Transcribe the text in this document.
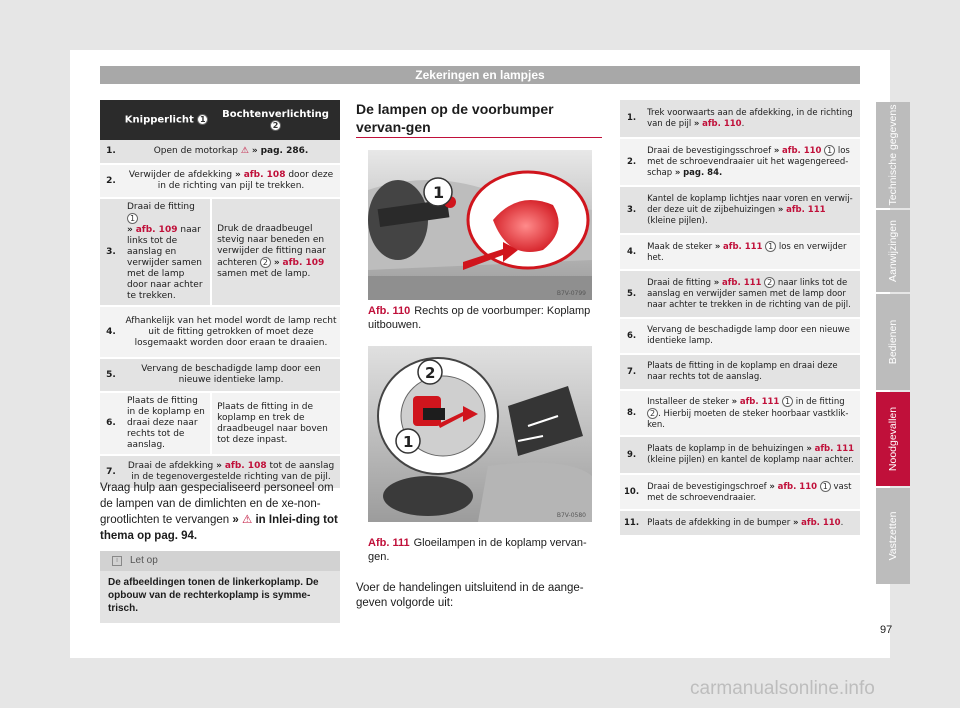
Zekeringen en lampjes
	Knipperlicht 1	Bochtenverlichting
2
1.	Open de motorkap ⚠ » pag. 286.	
2.	Verwijder de afdekking » afb. 108 door deze in de richting van pijl te trekken.	
3.	Draai de fitting 1
» afb. 109 naar links tot de aanslag en verwijder samen met de lamp door naar achter te trekken.	Druk de draadbeugel stevig naar beneden en verwijder de fitting naar achteren 2 » afb. 109 samen met de lamp.
4.	Afhankelijk van het model wordt de lamp recht uit de fitting getrokken of moet deze losgemaakt worden door eraan te draaien.	
5.	Vervang de beschadigde lamp door een nieuwe identieke lamp.	
6.	Plaats de fitting in de koplamp en draai deze naar rechts tot de aanslag.	Plaats de fitting in de koplamp en trek de draadbeugel naar boven tot deze inpast.
7.	Draai de afdekking » afb. 108 tot de aanslag in de tegenovergestelde richting van de pijl.	
Vraag hulp aan gespecialiseerd personeel om de lampen van de dimlichten en de xe-non-grootlichten te vervangen » ⚠ in Inlei-ding tot thema op pag. 94.
i	Let op
De afbeeldingen tonen de linkerkoplamp. De opbouw van de rechterkoplamp is symme-trisch.
De lampen op de voorbumper vervan-gen
1
B7V-0799
Afb. 110 Rechts op de voorbumper: Koplamp uitbouwen.
2
1
B7V-0580
Afb. 111 Gloeilampen in de koplamp vervan-gen.
Voer de handelingen uitsluitend in de aange-geven volgorde uit:
1.	Trek voorwaarts aan de afdekking, in de richting van de pijl » afb. 110.
2.	Draai de bevestigingsschroef » afb. 110 1 los met de schroevendraaier uit het wagengereed-schap » pag. 84.
3.	Kantel de koplamp lichtjes naar voren en verwij-der deze uit de zijbehuizingen » afb. 111 (kleine pijlen).
4.	Maak de steker » afb. 111 1 los en verwijder het.
5.	Draai de fitting » afb. 111 2 naar links tot de aanslag en verwijder samen met de lamp door naar achter te trekken in de richting van de pijl.
6.	Vervang de beschadigde lamp door een nieuwe identieke lamp.
7.	Plaats de fitting in de koplamp en draai deze naar rechts tot de aanslag.
8.	Installeer de steker » afb. 111 1 in de fitting 2 . Hierbij moeten de steker hoorbaar vastklik-ken.
9.	Plaats de koplamp in de behuizingen » afb. 111 (kleine pijlen) en kantel de koplamp naar achter.
10.	Draai de bevestigingschroef » afb. 110 1 vast met de schroevendraaier.
11.	Plaats de afdekking in de bumper » afb. 110.
Technische gegevens
Aanwijzingen
Bedienen
Noodgevallen
Vastzetten
97
carmanualsonline.info
